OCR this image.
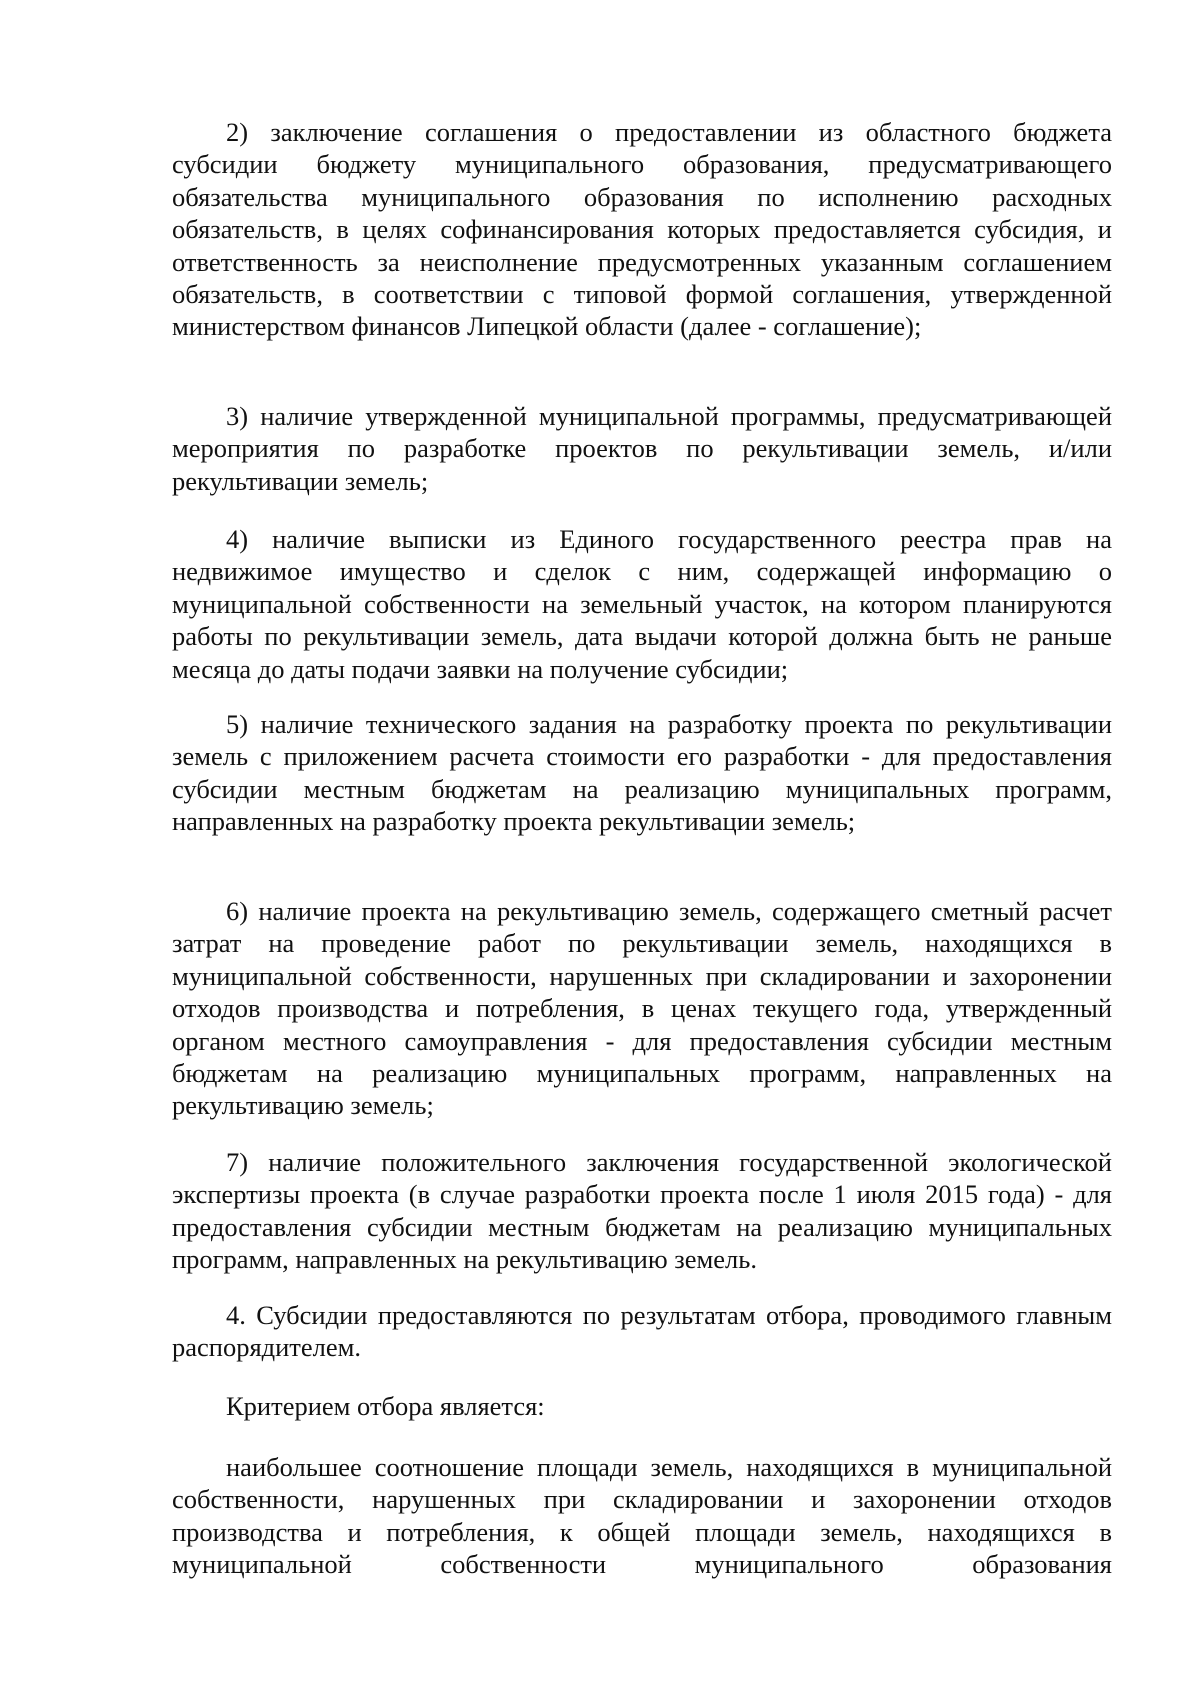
2) заключение соглашения о предоставлении из областного бюджета субсидии бюджету муниципального образования, предусматривающего обязательства муниципального образования по исполнению расходных обязательств, в целях софинансирования которых предоставляется субсидия, и ответственность за неисполнение предусмотренных указанным соглашением обязательств, в соответствии с типовой формой соглашения, утвержденной министерством финансов Липецкой области (далее - соглашение);

3) наличие утвержденной муниципальной программы, предусматривающей мероприятия по разработке проектов по рекультивации земель, и/или рекультивации земель;

4) наличие выписки из Единого государственного реестра прав на недвижимое имущество и сделок с ним, содержащей информацию о муниципальной собственности на земельный участок, на котором планируются работы по рекультивации земель, дата выдачи которой должна быть не раньше месяца до даты подачи заявки на получение субсидии;

5) наличие технического задания на разработку проекта по рекультивации земель с приложением расчета стоимости его разработки - для предоставления субсидии местным бюджетам на реализацию муниципальных программ, направленных на разработку проекта рекультивации земель;

6) наличие проекта на рекультивацию земель, содержащего сметный расчет затрат на проведение работ по рекультивации земель, находящихся в муниципальной собственности, нарушенных при складировании и захоронении отходов производства и потребления, в ценах текущего года, утвержденный органом местного самоуправления - для предоставления субсидии местным бюджетам на реализацию муниципальных программ, направленных на рекультивацию земель;

7) наличие положительного заключения государственной экологической экспертизы проекта (в случае разработки проекта после 1 июля 2015 года) - для предоставления субсидии местным бюджетам на реализацию муниципальных программ, направленных на рекультивацию земель.

4. Субсидии предоставляются по результатам отбора, проводимого главным распорядителем.

Критерием отбора является:

наибольшее соотношение площади земель, находящихся в муниципальной собственности, нарушенных при складировании и захоронении отходов производства и потребления, к общей площади земель, находящихся в муниципальной собственности муниципального образования
